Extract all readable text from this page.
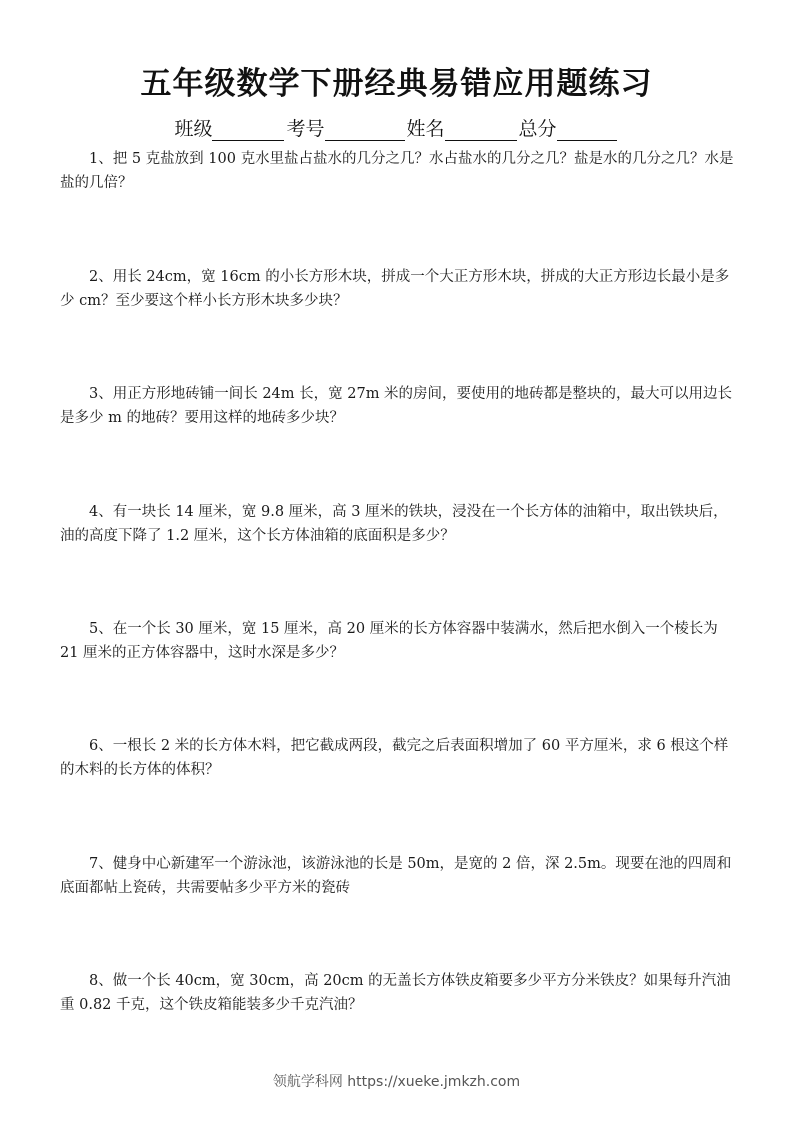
五年级数学下册经典易错应用题练习
班级	考号	姓名	总分
1、把 5 克盐放到 100 克水里盐占盐水的几分之几？水占盐水的几分之几？盐是水的几分之几？水是盐的几倍？
2、用长 24cm，宽 16cm 的小长方形木块，拼成一个大正方形木块，拼成的大正方形边长最小是多少 cm？至少要这个样小长方形木块多少块？
3、用正方形地砖铺一间长 24m 长，宽 27m 米的房间，要使用的地砖都是整块的，最大可以用边长是多少 m 的地砖？要用这样的地砖多少块？
4、有一块长 14 厘米，宽 9.8 厘米，高 3 厘米的铁块，浸没在一个长方体的油箱中，取出铁块后，油的高度下降了 1.2 厘米，这个长方体油箱的底面积是多少？
5、在一个长 30 厘米，宽 15 厘米，高 20 厘米的长方体容器中装满水，然后把水倒入一个棱长为 21 厘米的正方体容器中，这时水深是多少？
6、一根长 2 米的长方体木料，把它截成两段，截完之后表面积增加了 60 平方厘米，求 6 根这个样的木料的长方体的体积？
7、健身中心新建军一个游泳池，该游泳池的长是 50m，是宽的 2 倍，深 2.5m。现要在池的四周和底面都帖上瓷砖，共需要帖多少平方米的瓷砖
8、做一个长 40cm，宽 30cm，高 20cm 的无盖长方体铁皮箱要多少平方分米铁皮？如果每升汽油重 0.82 千克，这个铁皮箱能装多少千克汽油？
领航学科网 https://xueke.jmkzh.com
